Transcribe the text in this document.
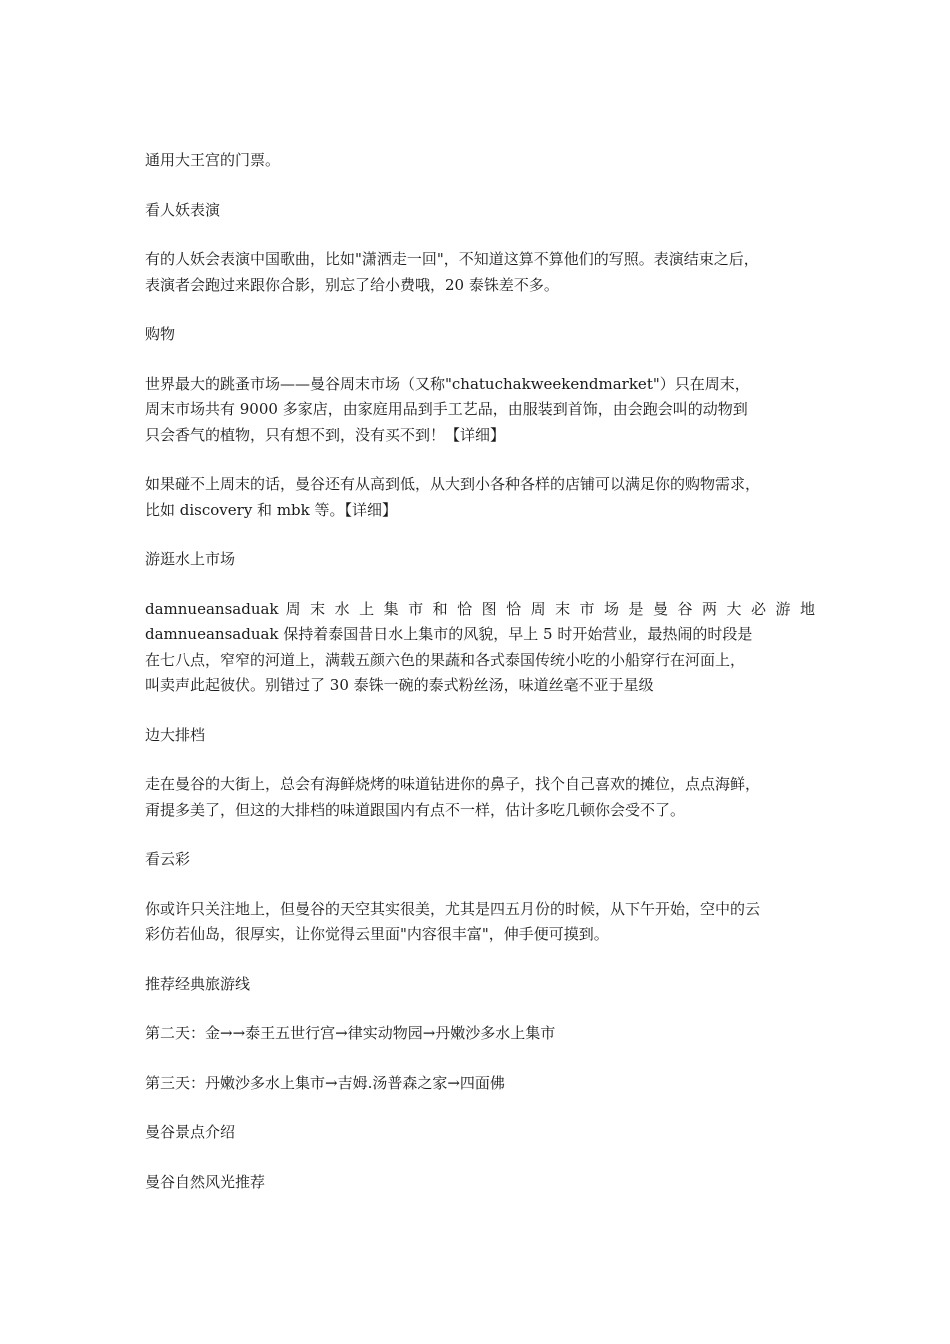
通用大王宫的门票。

看人妖表演

有的人妖会表演中国歌曲，比如"潇洒走一回"，不知道这算不算他们的写照。表演结束之后，

表演者会跑过来跟你合影，别忘了给小费哦，20 泰铢差不多。

购物

世界最大的跳蚤市场——曼谷周末市场（又称"chatuchakweekendmarket"）只在周末，

周末市场共有 9000 多家店，由家庭用品到手工艺品，由服装到首饰，由会跑会叫的动物到

只会香气的植物，只有想不到，没有买不到！【详细】

如果碰不上周末的话，曼谷还有从高到低，从大到小各种各样的店铺可以满足你的购物需求，

比如 discovery 和 mbk 等。【详细】

游逛水上市场

damnueansaduak 周 末 水 上 集 市 和 恰 图 恰 周 末 市 场 是 曼 谷 两 大 必 游 地

damnueansaduak 保持着泰国昔日水上集市的风貌，早上 5 时开始营业，最热闹的时段是

在七八点，窄窄的河道上，满载五颜六色的果蔬和各式泰国传统小吃的小船穿行在河面上，

叫卖声此起彼伏。别错过了 30 泰铢一碗的泰式粉丝汤，味道丝毫不亚于星级

边大排档

走在曼谷的大街上，总会有海鲜烧烤的味道钻进你的鼻子，找个自己喜欢的摊位，点点海鲜，

甭提多美了，但这的大排档的味道跟国内有点不一样，估计多吃几顿你会受不了。

看云彩

你或许只关注地上，但曼谷的天空其实很美，尤其是四五月份的时候，从下午开始，空中的云

彩仿若仙岛，很厚实，让你觉得云里面"内容很丰富"，伸手便可摸到。

推荐经典旅游线

第二天：金→→泰王五世行宫→律实动物园→丹嫩沙多水上集市

第三天：丹嫩沙多水上集市→吉姆.汤普森之家→四面佛

曼谷景点介绍

曼谷自然风光推荐
